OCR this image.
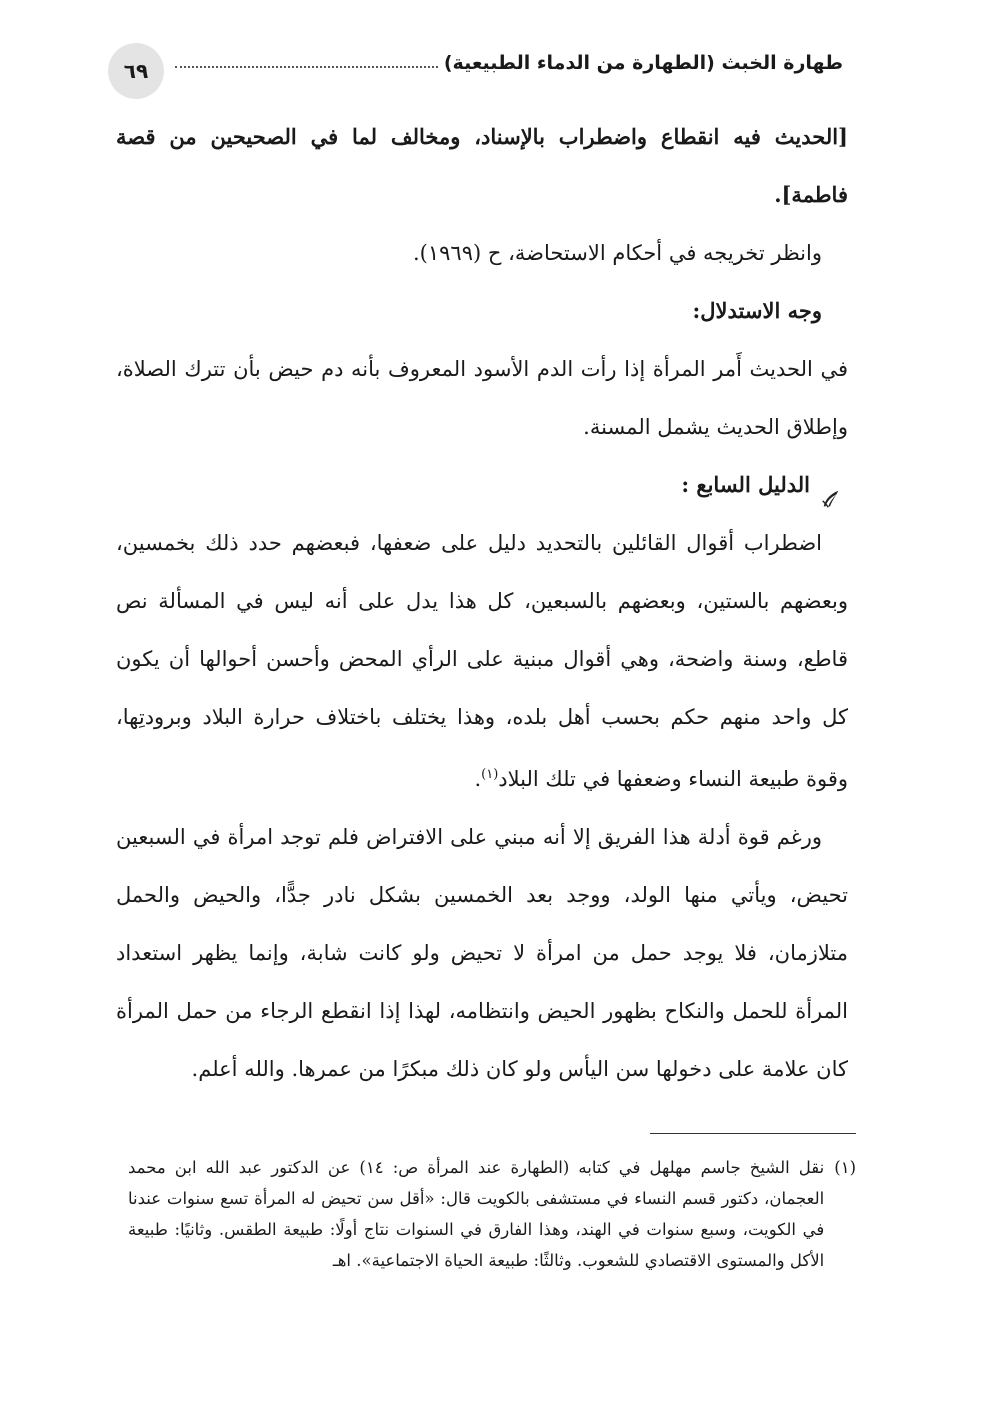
٦٩	طهارة الخبث (الطهارة من الدماء الطبيعية)

[الحديث فيه انقطاع واضطراب بالإسناد، ومخالف لما في الصحيحين من قصة فاطمة].

وانظر تخريجه في أحكام الاستحاضة، ح (١٩٦٩).

وجه الاستدلال:

في الحديث أَمر المرأة إذا رأت الدم الأسود المعروف بأنه دم حيض بأن تترك الصلاة، وإطلاق الحديث يشمل المسنة.

الدليل السابع :

اضطراب أقوال القائلين بالتحديد دليل على ضعفها، فبعضهم حدد ذلك بخمسين، وبعضهم بالستين، وبعضهم بالسبعين، كل هذا يدل على أنه ليس في المسألة نص قاطع، وسنة واضحة، وهي أقوال مبنية على الرأي المحض وأحسن أحوالها أن يكون كل واحد منهم حكم بحسب أهل بلده، وهذا يختلف باختلاف حرارة البلاد وبرودتِها، وقوة طبيعة النساء وضعفها في تلك البلاد$^{(١)}$.

ورغم قوة أدلة هذا الفريق إلا أنه مبني على الافتراض فلم توجد امرأة في السبعين تحيض، ويأتي منها الولد، ووجد بعد الخمسين بشكل نادر جدًّا، والحيض والحمل متلازمان، فلا يوجد حمل من امرأة لا تحيض ولو كانت شابة، وإنما يظهر استعداد المرأة للحمل والنكاح بظهور الحيض وانتظامه، لهذا إذا انقطع الرجاء من حمل المرأة كان علامة على دخولها سن اليأس ولو كان ذلك مبكرًا من عمرها. والله أعلم.

(١)
نقل الشيخ جاسم مهلهل في كتابه (الطهارة عند المرأة ص: ١٤) عن الدكتور عبد الله ابن محمد العجمان، دكتور قسم النساء في مستشفى بالكويت قال: «أقل سن تحيض له المرأة تسع سنوات عندنا في الكويت، وسبع سنوات في الهند، وهذا الفارق في السنوات نتاج أولًا: طبيعة الطقس. وثانيًا: طبيعة الأكل والمستوى الاقتصادي للشعوب. وثالثًا: طبيعة الحياة الاجتماعية». اهـ
